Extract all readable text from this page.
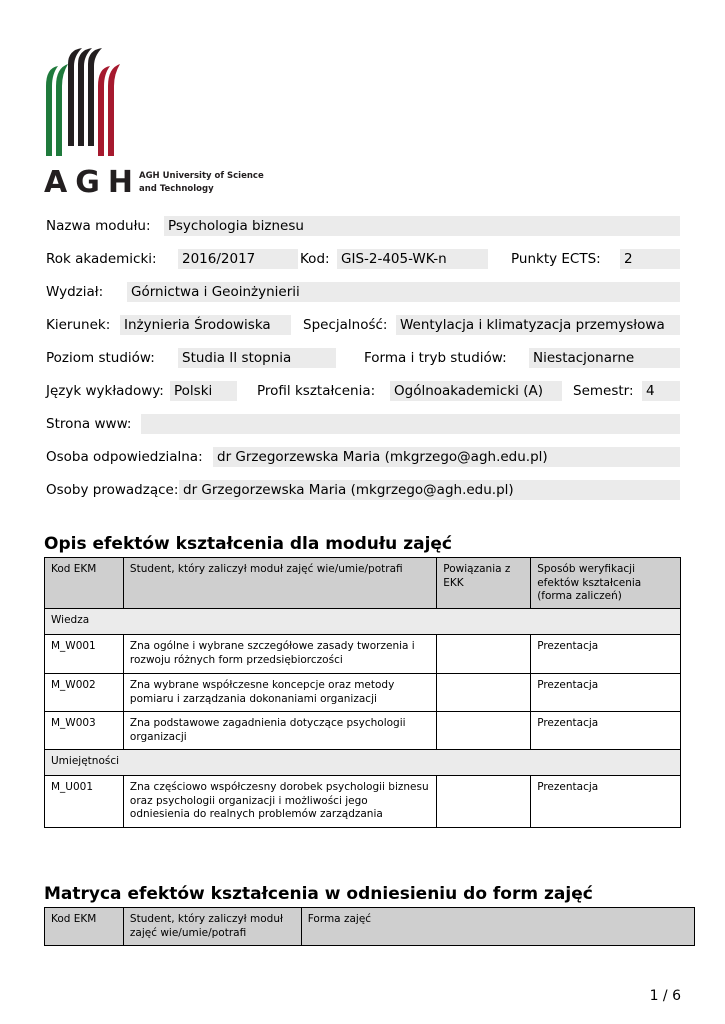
AGH
AGH University of Science
and Technology
Nazwa modułu: Psychologia biznesu
Rok akademicki: 2016/2017	Kod: GIS-2-405-WK-n	Punkty ECTS: 2
Wydział: Górnictwa i Geoinżynierii
Kierunek: Inżynieria Środowiska	Specjalność: Wentylacja i klimatyzacja przemysłowa
Poziom studiów: Studia II stopnia	Forma i tryb studiów: Niestacjonarne
Język wykładowy: Polski	Profil kształcenia: Ogólnoakademicki (A)	Semestr: 4
Strona www:
Osoba odpowiedzialna: dr Grzegorzewska Maria (mkgrzego@agh.edu.pl)
Osoby prowadzące: dr Grzegorzewska Maria (mkgrzego@agh.edu.pl)
Opis efektów kształcenia dla modułu zajęć
Kod EKM	Student, który zaliczył moduł zajęć wie/umie/potrafi	Powiązania z EKK	Sposób weryfikacji efektów kształcenia (forma zaliczeń)
Wiedza			
M_W001	Zna ogólne i wybrane szczegółowe zasady tworzenia i rozwoju różnych form przedsiębiorczości		Prezentacja
M_W002	Zna wybrane współczesne koncepcje oraz metody pomiaru i zarządzania dokonaniami organizacji		Prezentacja
M_W003	Zna podstawowe zagadnienia dotyczące psychologii organizacji		Prezentacja
Umiejętności			
M_U001	Zna częściowo współczesny dorobek psychologii biznesu oraz psychologii organizacji i możliwości jego odniesienia do realnych problemów zarządzania		Prezentacja
Matryca efektów kształcenia w odniesieniu do form zajęć
Kod EKM	Student, który zaliczył moduł zajęć wie/umie/potrafi	Forma zajęć
1 / 6
